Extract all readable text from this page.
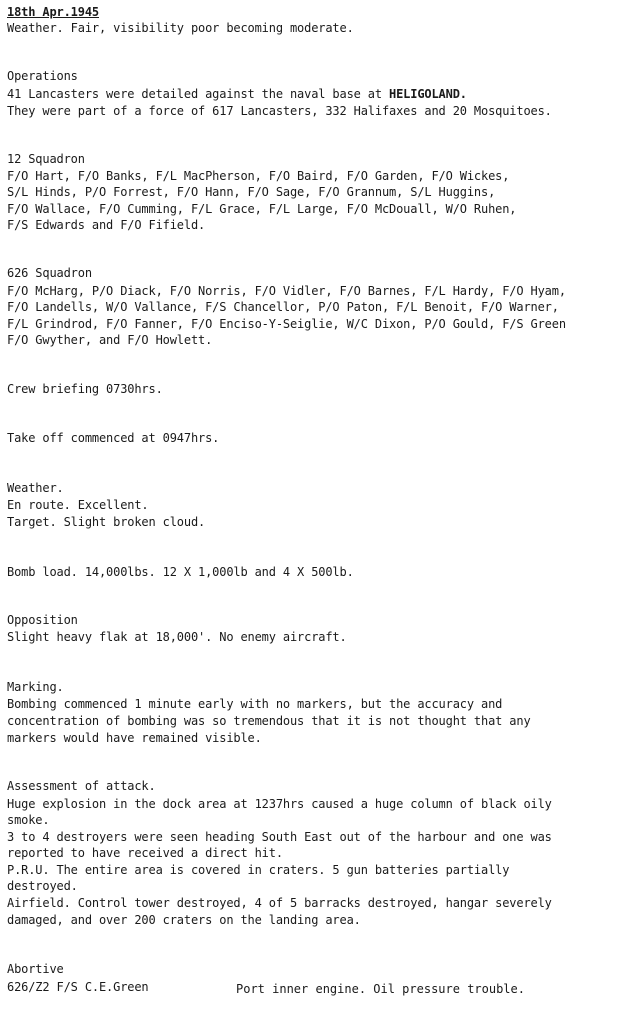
18th Apr.1945
Weather. Fair, visibility poor becoming moderate.
Operations
41 Lancasters were detailed against the naval base at HELIGOLAND.
They were part of a force of 617 Lancasters, 332 Halifaxes and 20 Mosquitoes.
12 Squadron
F/O Hart, F/O Banks, F/L MacPherson, F/O Baird, F/O Garden, F/O Wickes,
S/L Hinds, P/O Forrest, F/O Hann, F/O Sage, F/O Grannum, S/L Huggins,
F/O Wallace, F/O Cumming, F/L Grace, F/L Large, F/O McDouall, W/O Ruhen,
F/S Edwards and F/O Fifield.
626 Squadron
F/O McHarg, P/O Diack, F/O Norris, F/O Vidler, F/O Barnes, F/L Hardy, F/O Hyam,
F/O Landells, W/O Vallance, F/S Chancellor, P/O Paton, F/L Benoit, F/O Warner,
F/L Grindrod, F/O Fanner, F/O Enciso-Y-Seiglie, W/C Dixon, P/O Gould, F/S Green
F/O Gwyther, and F/O Howlett.
Crew briefing 0730hrs.
Take off commenced at 0947hrs.
Weather.
En route. Excellent.
Target. Slight broken cloud.
Bomb load. 14,000lbs. 12 X 1,000lb and 4 X 500lb.
Opposition
Slight heavy flak at 18,000'. No enemy aircraft.
Marking.
Bombing commenced 1 minute early with no markers, but the accuracy and
concentration of bombing was so tremendous that it is not thought that any
markers would have remained visible.
Assessment of attack.
Huge explosion in the dock area at 1237hrs caused a huge column of black oily
smoke.
3 to 4 destroyers were seen heading South East out of the harbour and one was
reported to have received a direct hit.
P.R.U. The entire area is covered in craters. 5 gun batteries partially
destroyed.
Airfield. Control tower destroyed, 4 of 5 barracks destroyed, hangar severely
damaged, and over 200 craters on the landing area.
Abortive
626/Z2 F/S C.E.Green	Port inner engine. Oil pressure trouble.
